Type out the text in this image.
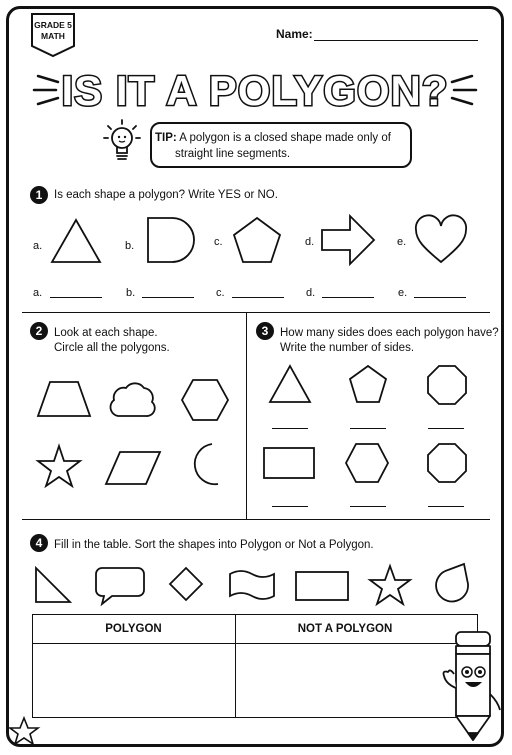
GRADE 5
MATH	Name:
IS IT A POLYGON?
TIP: A polygon is a closed shape made only of
straight line segments.
1	Is each shape a polygon? Write YES or NO.
a.	b.	c.	d.	e.
a.	b.	c.	d.	e.
2	Look at each shape.
Circle all the polygons.
3	How many sides does each polygon have?
Write the number of sides.
4	Fill in the table. Sort the shapes into Polygon or Not a Polygon.
POLYGON	NOT A POLYGON
